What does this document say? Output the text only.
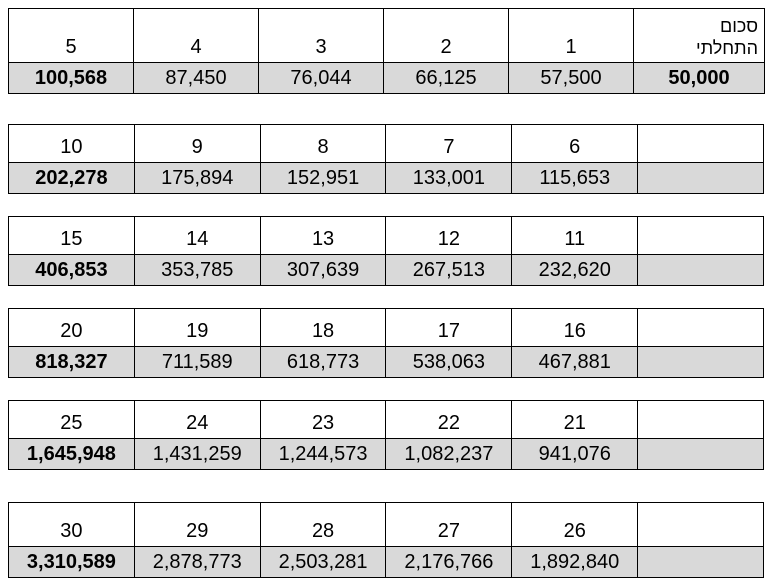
5	4	3	2	1	סכום
התחלתי

100,568	87,450	76,044	66,125	57,500	50,000
10	9	8	7	6	
202,278	175,894	152,951	133,001	115,653	
15	14	13	12	11	
406,853	353,785	307,639	267,513	232,620	
20	19	18	17	16	
818,327	711,589	618,773	538,063	467,881	
25	24	23	22	21	
1,645,948	1,431,259	1,244,573	1,082,237	941,076	
30	29	28	27	26	
3,310,589	2,878,773	2,503,281	2,176,766	1,892,840	
